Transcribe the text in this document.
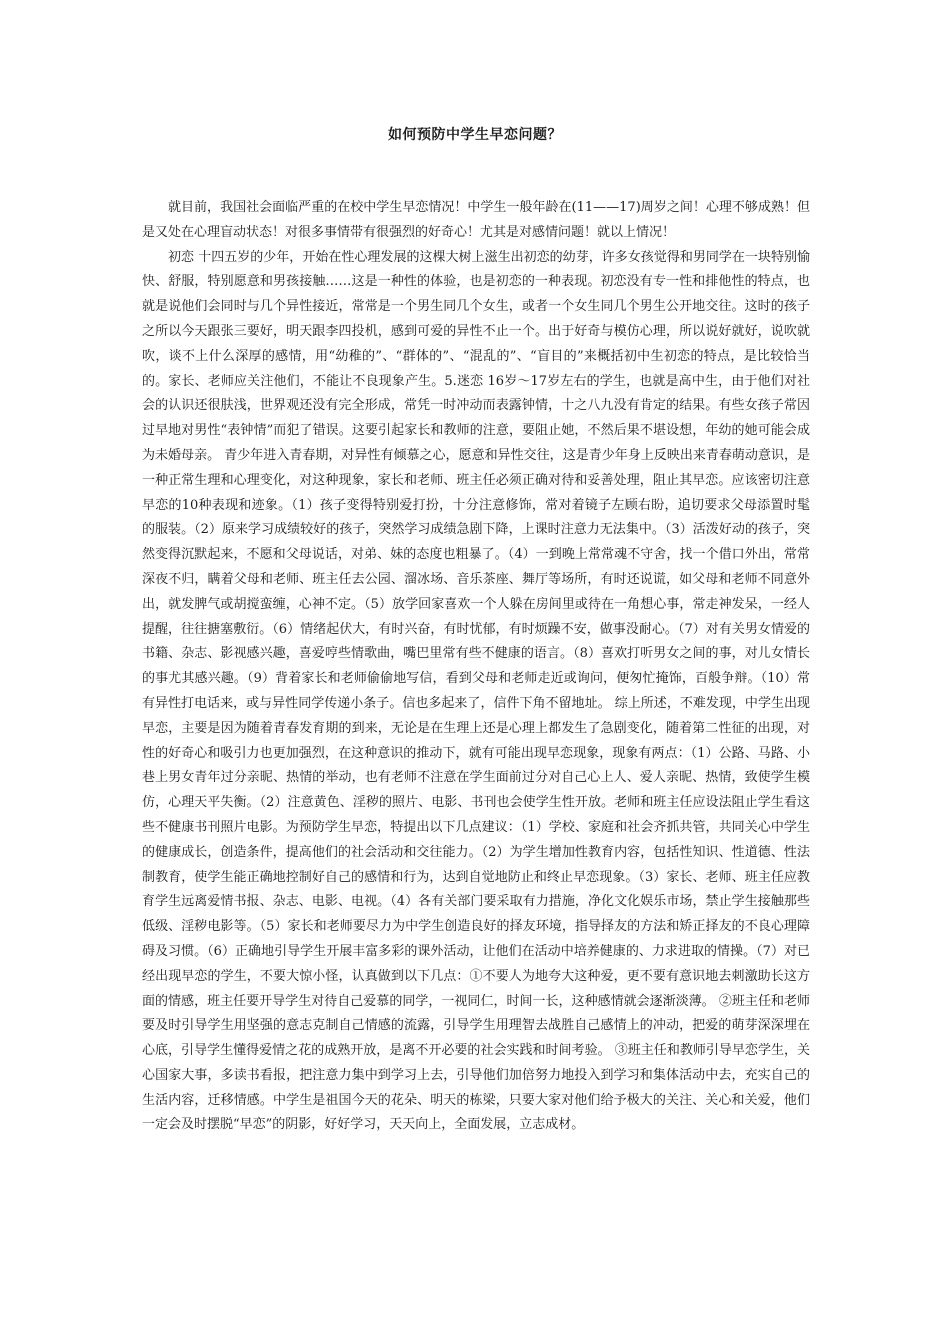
如何预防中学生早恋问题？

就目前，我国社会面临严重的在校中学生早恋情况！中学生一般年龄在(11——17)周岁之间！心理不够成熟！但是又处在心理盲动状态！对很多事情带有很强烈的好奇心！尤其是对感情问题！就以上情况！

初恋 十四五岁的少年，开始在性心理发展的这棵大树上滋生出初恋的幼芽，许多女孩觉得和男同学在一块特别愉快、舒服，特别愿意和男孩接触……这是一种性的体验，也是初恋的一种表现。初恋没有专一性和排他性的特点，也就是说他们会同时与几个异性接近，常常是一个男生同几个女生，或者一个女生同几个男生公开地交往。这时的孩子之所以今天跟张三要好，明天跟李四投机，感到可爱的异性不止一个。出于好奇与模仿心理，所以说好就好，说吹就吹，谈不上什么深厚的感情，用“幼稚的”、“群体的”、“混乱的”、“盲目的”来概括初中生初恋的特点，是比较恰当的。家长、老师应关注他们，不能让不良现象产生。5.迷恋 16岁～17岁左右的学生，也就是高中生，由于他们对社会的认识还很肤浅，世界观还没有完全形成，常凭一时冲动而表露钟情，十之八九没有肯定的结果。有些女孩子常因过早地对男性“表钟情”而犯了错误。这要引起家长和教师的注意，要阻止她，不然后果不堪设想，年幼的她可能会成为未婚母亲。 青少年进入青春期，对异性有倾慕之心，愿意和异性交往，这是青少年身上反映出来青春萌动意识，是一种正常生理和心理变化，对这种现象，家长和老师、班主任必须正确对待和妥善处理，阻止其早恋。应该密切注意早恋的10种表现和迹象。（1）孩子变得特别爱打扮，十分注意修饰，常对着镜子左顾右盼，追切要求父母添置时髦的服装。（2）原来学习成绩较好的孩子，突然学习成绩急剧下降，上课时注意力无法集中。（3）活泼好动的孩子，突然变得沉默起来，不愿和父母说话，对弟、妹的态度也粗暴了。（4）一到晚上常常魂不守舍，找一个借口外出，常常深夜不归，瞒着父母和老师、班主任去公园、溜冰场、音乐茶座、舞厅等场所，有时还说谎，如父母和老师不同意外出，就发脾气或胡搅蛮缠，心神不定。（5）放学回家喜欢一个人躲在房间里或待在一角想心事，常走神发呆，一经人提醒，往往搪塞敷衍。（6）情绪起伏大，有时兴奋，有时忧郁，有时烦躁不安，做事没耐心。（7）对有关男女情爱的书籍、杂志、影视感兴趣，喜爱哼些情歌曲，嘴巴里常有些不健康的语言。（8）喜欢打听男女之间的事，对儿女情长的事尤其感兴趣。（9）背着家长和老师偷偷地写信，看到父母和老师走近或询问，便匆忙掩饰，百般争辩。（10）常有异性打电话来，或与异性同学传递小条子。信也多起来了，信件下角不留地址。 综上所述，不难发现，中学生出现早恋，主要是因为随着青春发育期的到来，无论是在生理上还是心理上都发生了急剧变化，随着第二性征的出现，对性的好奇心和吸引力也更加强烈，在这种意识的推动下，就有可能出现早恋现象，现象有两点：（1）公路、马路、小巷上男女青年过分亲昵、热情的举动，也有老师不注意在学生面前过分对自己心上人、爱人亲昵、热情，致使学生模仿，心理天平失衡。（2）注意黄色、淫秽的照片、电影、书刊也会使学生性开放。老师和班主任应设法阻止学生看这些不健康书刊照片电影。为预防学生早恋，特提出以下几点建议：（1）学校、家庭和社会齐抓共管，共同关心中学生的健康成长，创造条件，提高他们的社会活动和交往能力。（2）为学生增加性教育内容，包括性知识、性道德、性法制教育，使学生能正确地控制好自己的感情和行为，达到自觉地防止和终止早恋现象。（3）家长、老师、班主任应教育学生远离爱情书报、杂志、电影、电视。（4）各有关部门要采取有力措施，净化文化娱乐市场，禁止学生接触那些低级、淫秽电影等。（5）家长和老师要尽力为中学生创造良好的择友环境，指导择友的方法和矫正择友的不良心理障碍及习惯。（6）正确地引导学生开展丰富多彩的课外活动，让他们在活动中培养健康的、力求进取的情操。（7）对已经出现早恋的学生，不要大惊小怪，认真做到以下几点：①不要人为地夸大这种爱，更不要有意识地去刺激助长这方面的情感，班主任要开导学生对待自己爱慕的同学，一视同仁，时间一长，这种感情就会逐渐淡薄。 ②班主任和老师要及时引导学生用坚强的意志克制自己情感的流露，引导学生用理智去战胜自己感情上的冲动，把爱的萌芽深深埋在心底，引导学生懂得爱情之花的成熟开放，是离不开必要的社会实践和时间考验。 ③班主任和教师引导早恋学生，关心国家大事，多读书看报，把注意力集中到学习上去，引导他们加倍努力地投入到学习和集体活动中去，充实自己的生活内容，迁移情感。中学生是祖国今天的花朵、明天的栋梁，只要大家对他们给予极大的关注、关心和关爱，他们一定会及时摆脱“早恋”的阴影，好好学习，天天向上，全面发展，立志成材。
